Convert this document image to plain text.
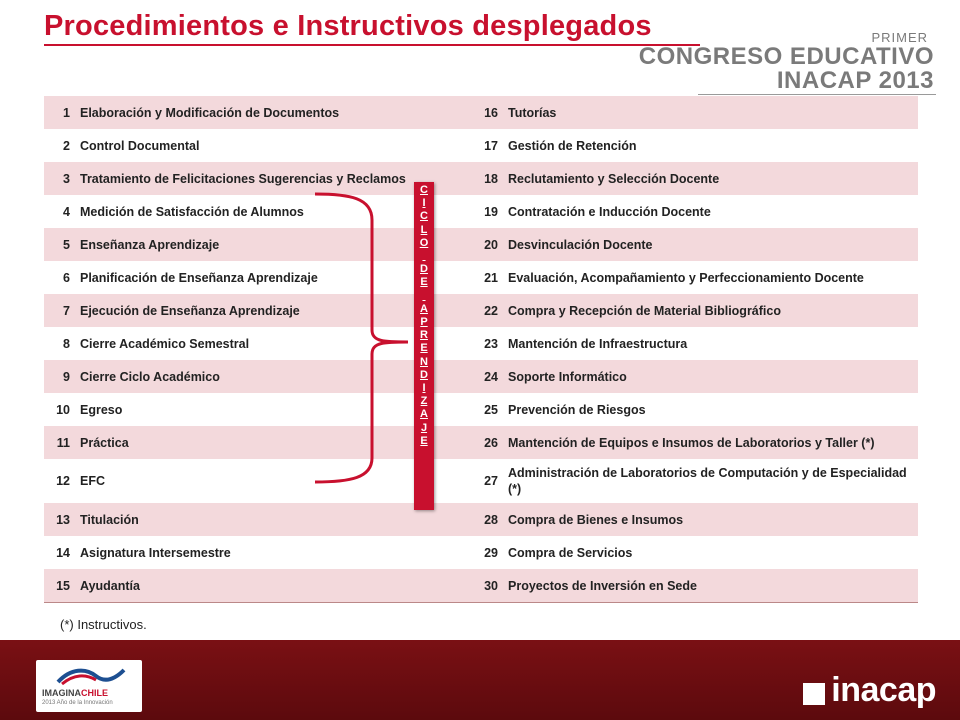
Procedimientos e Instructivos desplegados	PRIMER
CONGRESO EDUCATIVO
INACAP 2013
1	Elaboración y Modificación de Documentos	16	Tutorías
2	Control Documental	17	Gestión de Retención
3	Tratamiento de Felicitaciones Sugerencias y Reclamos	18	Reclutamiento y Selección Docente
4	Medición de Satisfacción de Alumnos	19	Contratación e Inducción Docente
5	Enseñanza Aprendizaje	20	Desvinculación Docente
6	Planificación de Enseñanza Aprendizaje	21	Evaluación, Acompañamiento y Perfeccionamiento Docente
7	Ejecución de Enseñanza Aprendizaje	22	Compra y Recepción de Material Bibliográfico
8	Cierre Académico Semestral	23	Mantención de Infraestructura
9	Cierre Ciclo Académico	24	Soporte Informático
10	Egreso	25	Prevención de Riesgos
11	Práctica	26	Mantención de Equipos e Insumos de Laboratorios y Taller (*)
12	EFC	27	Administración de Laboratorios de Computación y de Especialidad (*)
13	Titulación	28	Compra de Bienes e Insumos
14	Asignatura Intersemestre	29	Compra de Servicios
15	Ayudantía	30	Proyectos de Inversión en Sede
C
I
C
L
O

D
E

A
P
R
E
N
D
I
Z
A
J
E
(*) Instructivos.
IMAGINACHILE
2013 Año de la Innovación	inacap
